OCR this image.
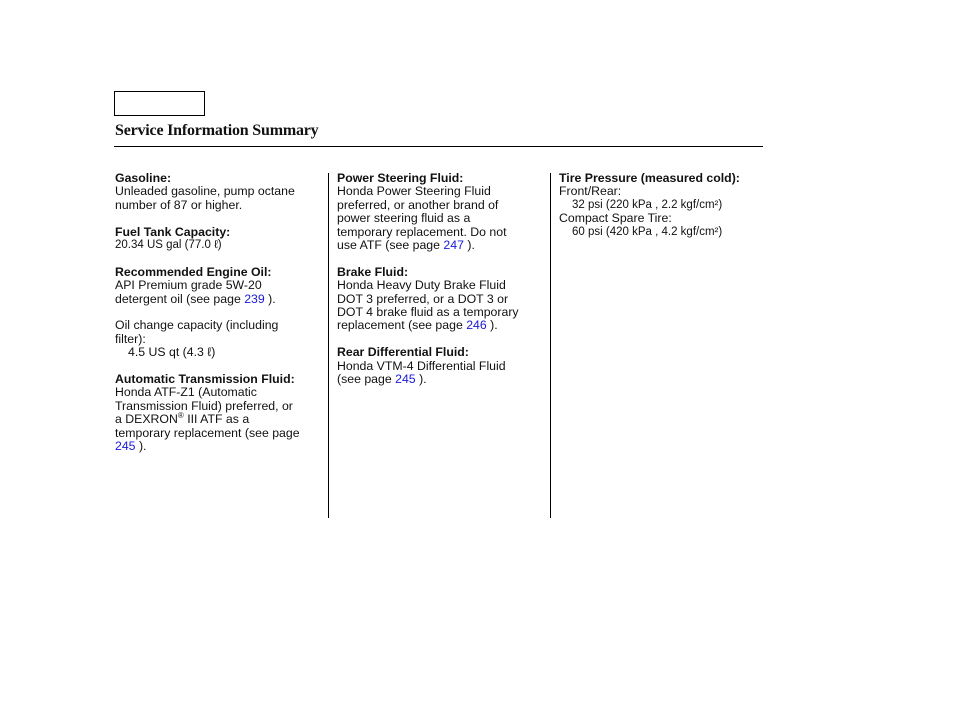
Service Information Summary
Gasoline:
Unleaded gasoline, pump octane
number of 87 or higher.
Fuel Tank Capacity:
20.34 US gal (77.0 ℓ)
Recommended Engine Oil:
API Premium grade 5W-20
detergent oil (see page 239 ).
Oil change capacity (including
filter):
4.5 US qt (4.3 ℓ)
Automatic Transmission Fluid:
Honda ATF-Z1 (Automatic
Transmission Fluid) preferred, or
a DEXRON® III ATF as a
temporary replacement (see page
245 ).
Power Steering Fluid:
Honda Power Steering Fluid
preferred, or another brand of
power steering fluid as a
temporary replacement. Do not
use ATF (see page 247 ).
Brake Fluid:
Honda Heavy Duty Brake Fluid
DOT 3 preferred, or a DOT 3 or
DOT 4 brake fluid as a temporary
replacement (see page 246 ).
Rear Differential Fluid:
Honda VTM-4 Differential Fluid
(see page 245 ).
Tire Pressure (measured cold):
Front/Rear:
32 psi (220 kPa , 2.2 kgf/cm²)
Compact Spare Tire:
60 psi (420 kPa , 4.2 kgf/cm²)
